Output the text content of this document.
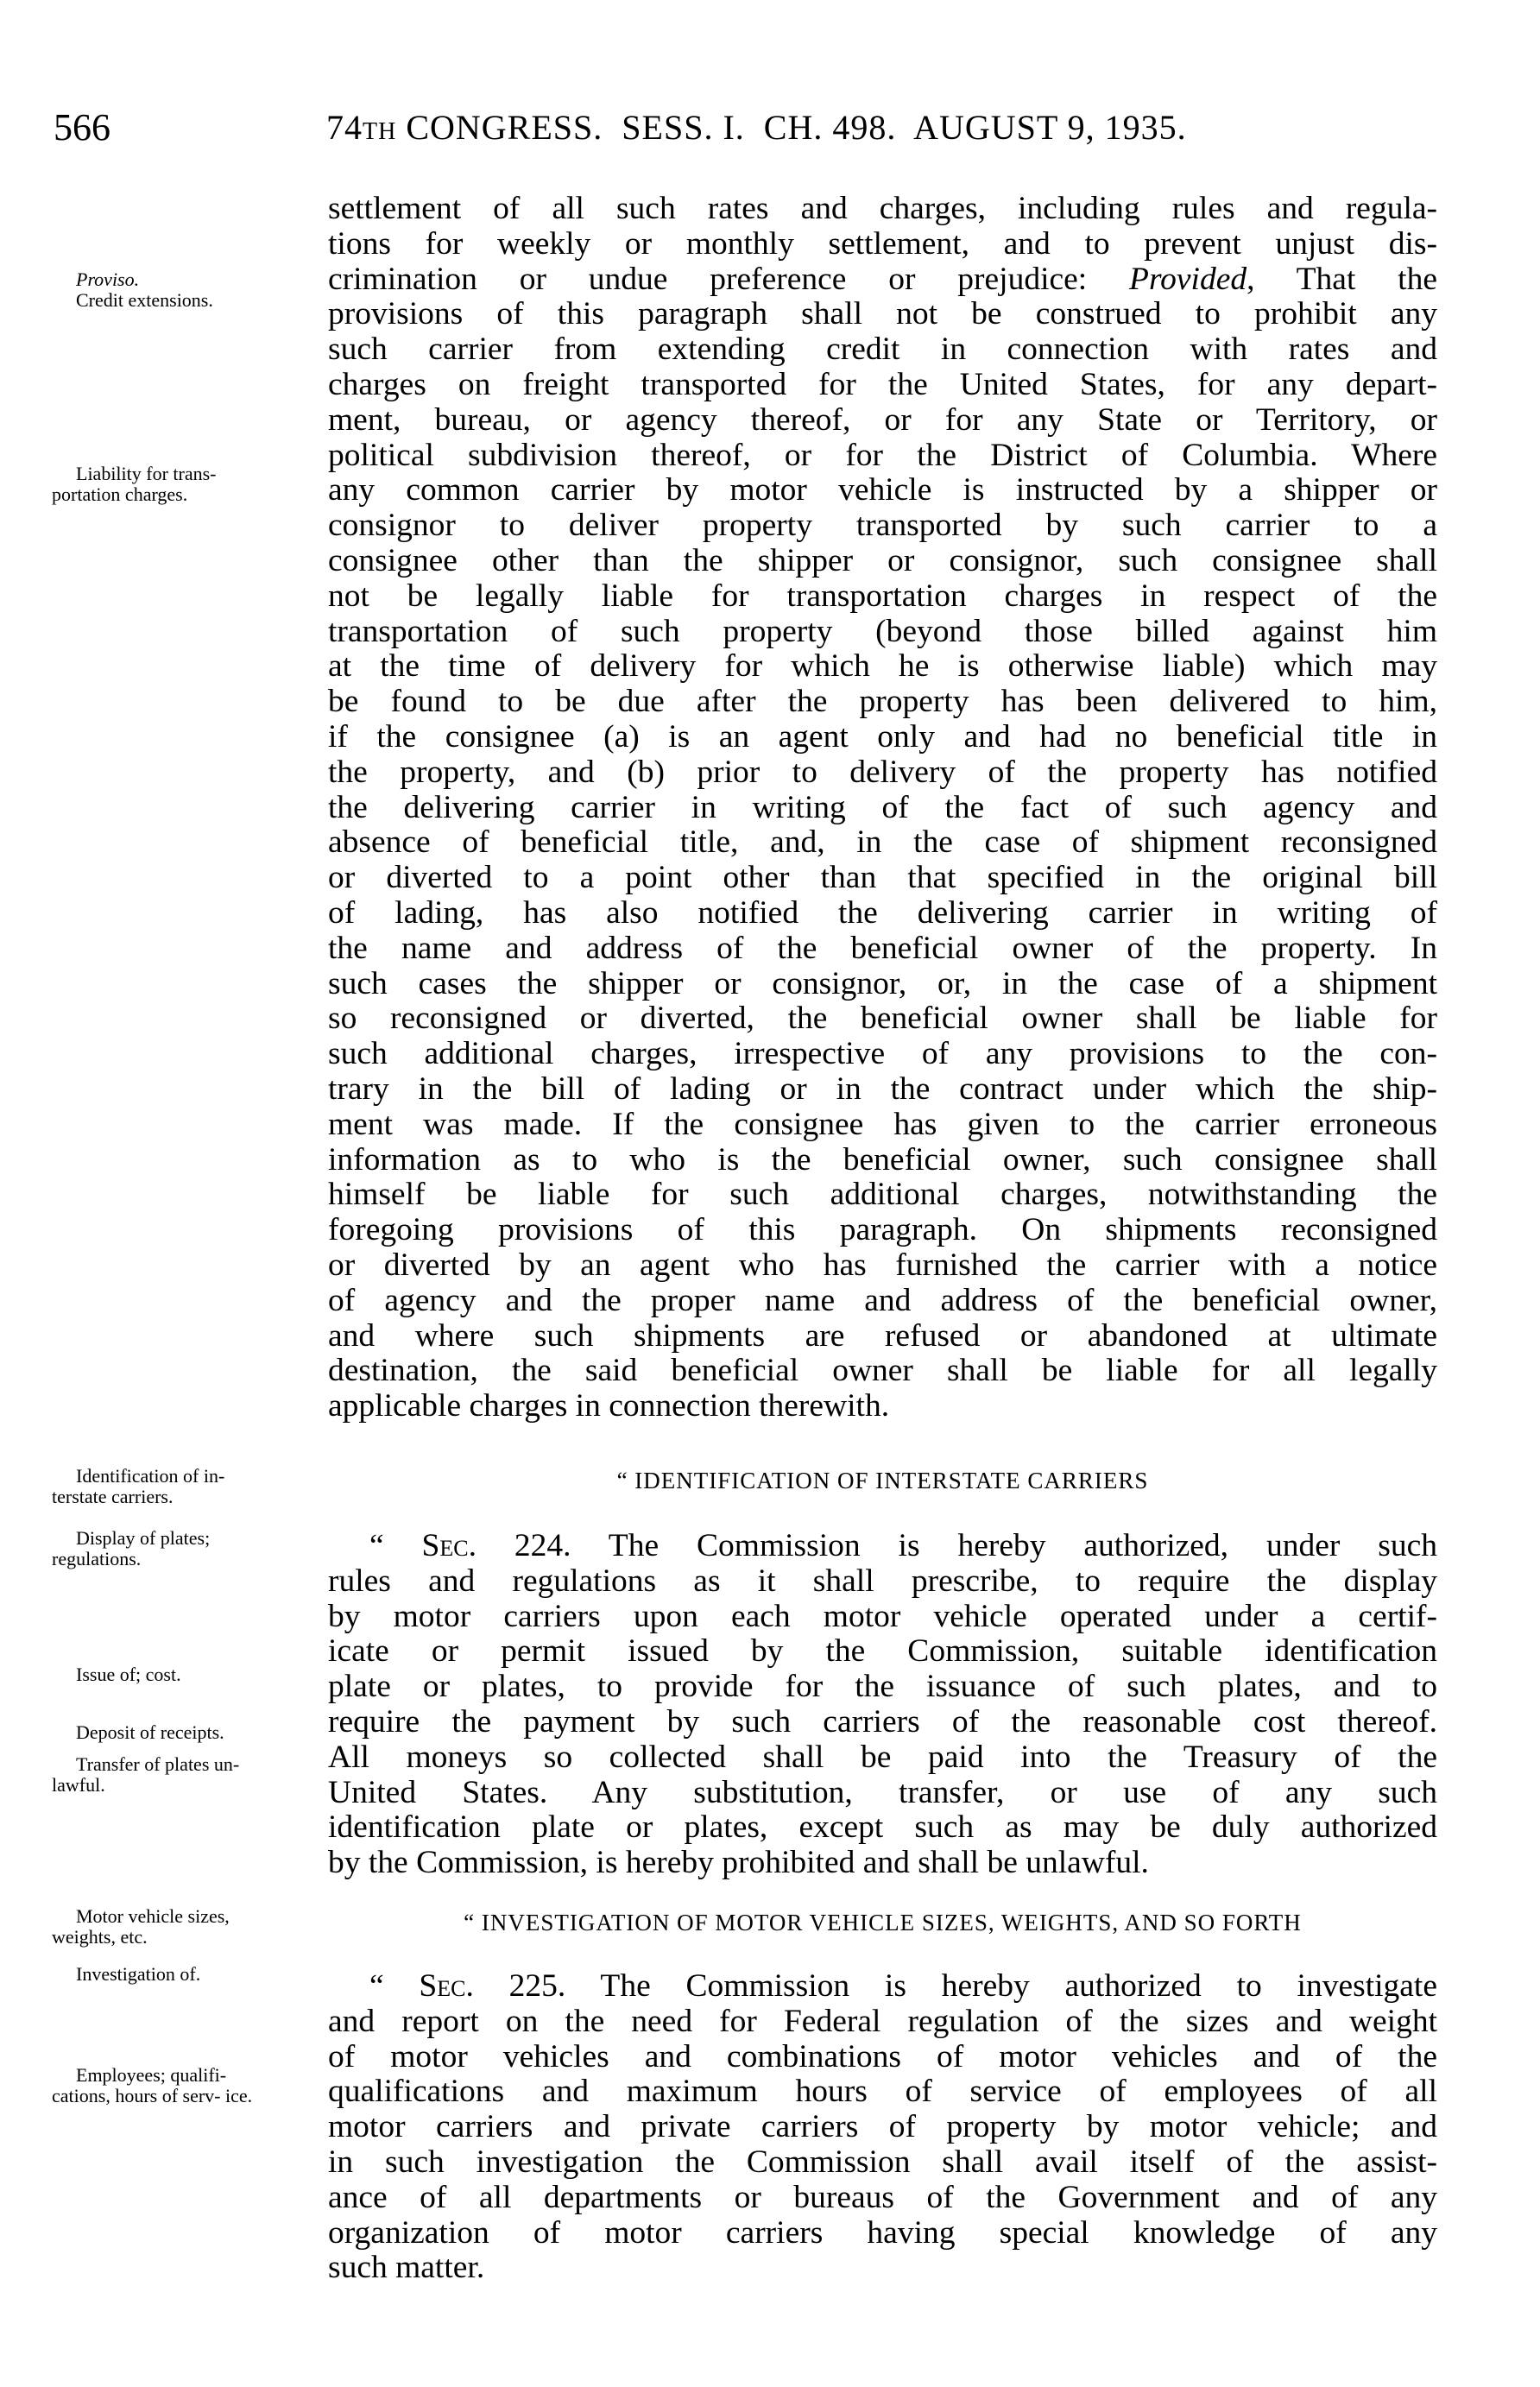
566	74TH CONGRESS.  SESS. I.  CH. 498.  AUGUST 9, 1935.
Proviso.
Credit extensions.
Liability for trans-
portation charges.
Identification of in-
terstate carriers.
Display of plates;
regulations.
Issue of; cost.
Deposit of receipts.
Transfer of plates un-
lawful.
Motor vehicle sizes,
weights, etc.
Investigation of.
Employees; qualifi-
cations, hours of serv- ice.
settlement of all such rates and charges, including rules and regula-
tions for weekly or monthly settlement, and to prevent unjust dis-
crimination or undue preference or prejudice: Provided, That the
provisions of this paragraph shall not be construed to prohibit any
such carrier from extending credit in connection with rates and
charges on freight transported for the United States, for any depart-
ment, bureau, or agency thereof, or for any State or Territory, or
political subdivision thereof, or for the District of Columbia. Where
any common carrier by motor vehicle is instructed by a shipper or
consignor to deliver property transported by such carrier to a
consignee other than the shipper or consignor, such consignee shall
not be legally liable for transportation charges in respect of the
transportation of such property (beyond those billed against him
at the time of delivery for which he is otherwise liable) which may
be found to be due after the property has been delivered to him,
if the consignee (a) is an agent only and had no beneficial title in
the property, and (b) prior to delivery of the property has notified
the delivering carrier in writing of the fact of such agency and
absence of beneficial title, and, in the case of shipment reconsigned
or diverted to a point other than that specified in the original bill
of lading, has also notified the delivering carrier in writing of
the name and address of the beneficial owner of the property. In
such cases the shipper or consignor, or, in the case of a shipment
so reconsigned or diverted, the beneficial owner shall be liable for
such additional charges, irrespective of any provisions to the con-
trary in the bill of lading or in the contract under which the ship-
ment was made. If the consignee has given to the carrier erroneous
information as to who is the beneficial owner, such consignee shall
himself be liable for such additional charges, notwithstanding the
foregoing provisions of this paragraph. On shipments reconsigned
or diverted by an agent who has furnished the carrier with a notice
of agency and the proper name and address of the beneficial owner,
and where such shipments are refused or abandoned at ultimate
destination, the said beneficial owner shall be liable for all legally
applicable charges in connection therewith.
“ IDENTIFICATION OF INTERSTATE CARRIERS
“ Sec. 224. The Commission is hereby authorized, under such
rules and regulations as it shall prescribe, to require the display
by motor carriers upon each motor vehicle operated under a certif-
icate or permit issued by the Commission, suitable identification
plate or plates, to provide for the issuance of such plates, and to
require the payment by such carriers of the reasonable cost thereof.
All moneys so collected shall be paid into the Treasury of the
United States. Any substitution, transfer, or use of any such
identification plate or plates, except such as may be duly authorized
by the Commission, is hereby prohibited and shall be unlawful.
“ INVESTIGATION OF MOTOR VEHICLE SIZES, WEIGHTS, AND SO FORTH
“ Sec. 225. The Commission is hereby authorized to investigate
and report on the need for Federal regulation of the sizes and weight
of motor vehicles and combinations of motor vehicles and of the
qualifications and maximum hours of service of employees of all
motor carriers and private carriers of property by motor vehicle; and
in such investigation the Commission shall avail itself of the assist-
ance of all departments or bureaus of the Government and of any
organization of motor carriers having special knowledge of any
such matter.
